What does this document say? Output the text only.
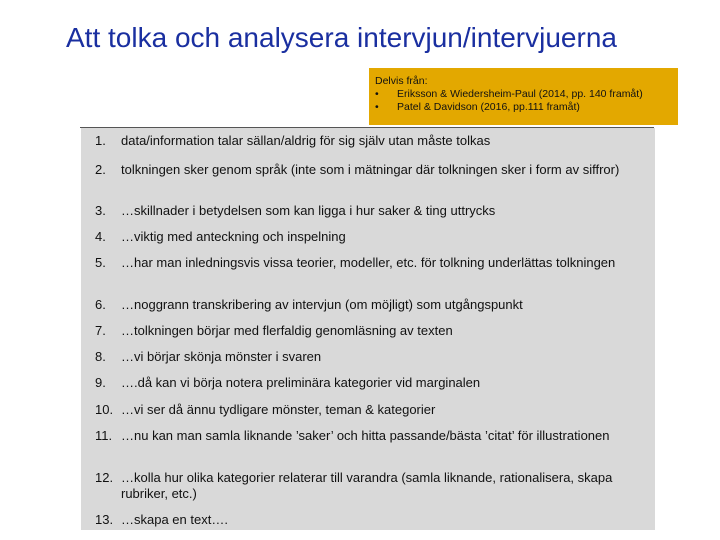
Att tolka och analysera intervjun/intervjuerna
Delvis från:
•	Eriksson & Wiedersheim-Paul (2014, pp. 140 framåt)
•	Patel & Davidson (2016, pp.111 framåt)
1.	data/information talar sällan/aldrig för sig själv utan måste tolkas
2.	tolkningen sker genom språk (inte som i mätningar där tolkningen sker i form av siffror)
3.	…skillnader i betydelsen som kan ligga i hur saker & ting uttrycks
4.	…viktig med anteckning och inspelning
5.	…har man inledningsvis vissa teorier, modeller, etc. för tolkning underlättas tolkningen
6.	…noggrann transkribering av intervjun (om möjligt) som utgångspunkt
7.	…tolkningen börjar med flerfaldig genomläsning av texten
8.	…vi börjar skönja mönster i svaren
9.	….då kan vi börja notera preliminära kategorier vid marginalen
10. …vi ser då ännu tydligare mönster, teman & kategorier
11. …nu kan man samla liknande ’saker’ och hitta passande/bästa ’citat’ för illustrationen
12. …kolla hur olika kategorier relaterar till varandra (samla liknande, rationalisera, skapa rubriker, etc.)
13. …skapa en text….
